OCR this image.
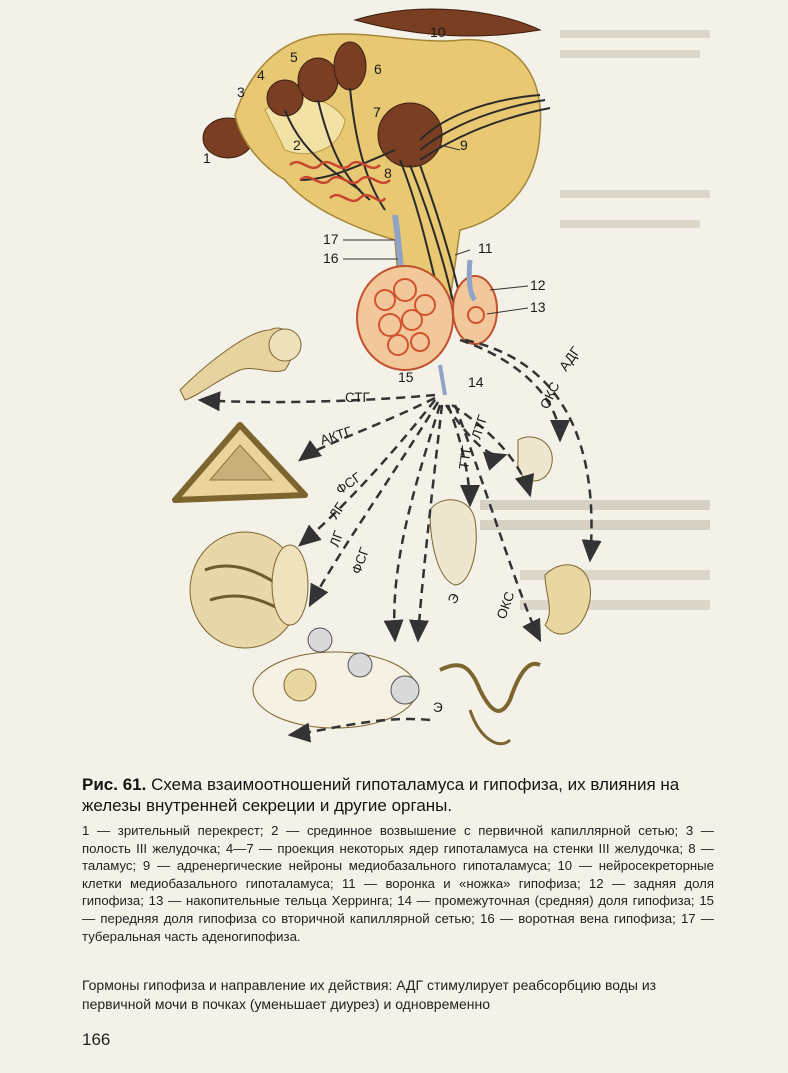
1
2
3
4
5
6
7
8
9
10
11
12
13
14
15
16
17
СТГ
АКТГ
ФСГ
ЛГ
ЛТГ
ТТГ
ОКС
АДГ
ЛГ
ФСГ
Э ОКС
Э
Рис. 61. Схема взаимоотношений гипоталамуса и гипофиза, их влияния на железы внутренней секреции и другие органы.
1 — зрительный перекрест; 2 — срединное возвышение с первичной капиллярной сетью; 3 — полость III желудочка; 4—7 — проекция некоторых ядер гипоталамуса на стенки III желудочка; 8 — таламус; 9 — адренергические нейроны медиобазального гипоталамуса; 10 — нейросекреторные клетки медиобазального гипоталамуса; 11 — воронка и «ножка» гипофиза; 12 — задняя доля гипофиза; 13 — накопительные тельца Херринга; 14 — промежуточная (средняя) доля гипофиза; 15 — передняя доля гипофиза со вторичной капиллярной сетью; 16 — воротная вена гипофиза; 17 — туберальная часть аденогипофиза.
Гормоны гипофиза и направление их действия: АДГ стимулирует реабсорбцию воды из первичной мочи в почках (уменьшает диурез) и одновременно
166
